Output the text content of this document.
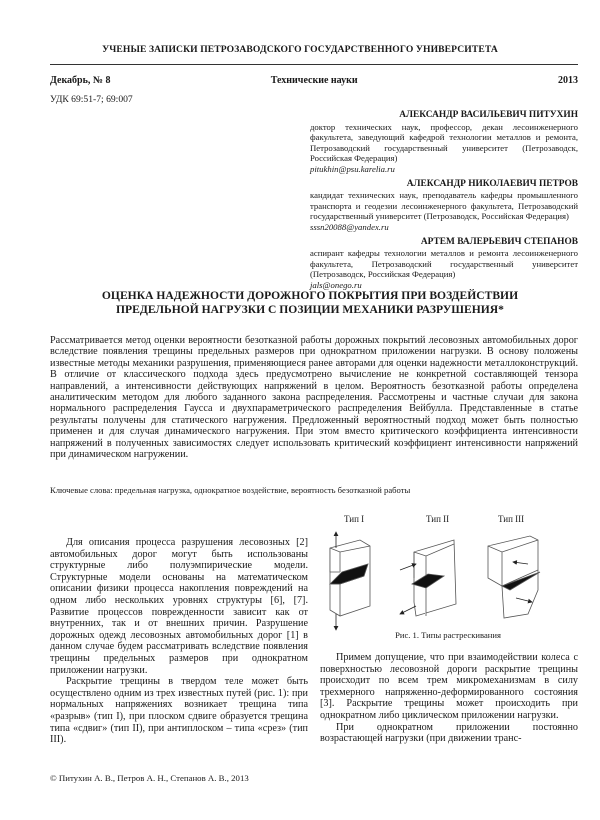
УЧЕНЫЕ ЗАПИСКИ ПЕТРОЗАВОДСКОГО ГОСУДАРСТВЕННОГО УНИВЕРСИТЕТА
Декабрь, № 8	Технические науки	2013
УДК 69:51-7; 69:007
АЛЕКСАНДР ВАСИЛЬЕВИЧ ПИТУХИН
доктор технических наук, профессор, декан лесоинженерного факультета, заведующий кафедрой технологии металлов и ремонта, Петрозаводский государственный университет (Петрозаводск, Российская Федерация)
pitukhin@psu.karelia.ru
АЛЕКСАНДР НИКОЛАЕВИЧ ПЕТРОВ
кандидат технических наук, преподаватель кафедры промышленного транспорта и геодезии лесоинженерного факультета, Петрозаводский государственный университет (Петрозаводск, Российская Федерация)
sssn20088@yandex.ru
АРТЕМ ВАЛЕРЬЕВИЧ СТЕПАНОВ
аспирант кафедры технологии металлов и ремонта лесоинженерного факультета, Петрозаводский государственный университет (Петрозаводск, Российская Федерация)
jals@onego.ru
ОЦЕНКА НАДЕЖНОСТИ ДОРОЖНОГО ПОКРЫТИЯ ПРИ ВОЗДЕЙСТВИИ
ПРЕДЕЛЬНОЙ НАГРУЗКИ С ПОЗИЦИИ МЕХАНИКИ РАЗРУШЕНИЯ*
Рассматривается метод оценки вероятности безотказной работы дорожных покрытий лесовозных автомобильных дорог вследствие появления трещины предельных размеров при однократном приложении нагрузки. В основу положены известные методы механики разрушения, применяющиеся ранее авторами для оценки надежности металлоконструкций. В отличие от классического подхода здесь предусмотрено вычисление не конкретной составляющей тензора направлений, а интенсивности действующих напряжений в целом. Вероятность безотказной работы определена аналитическим методом для любого заданного закона распределения. Рассмотрены и частные случаи для закона нормального распределения Гаусса и двухпараметрического распределения Вейбулла. Представленные в статье результаты получены для статического нагружения. Предложенный вероятностный подход может быть полностью применен и для случая динамического нагружения. При этом вместо критического коэффициента интенсивности напряжений в полученных зависимостях следует использовать критический коэффициент интенсивности напряжений при динамическом нагружении.
Ключевые слова: предельная нагрузка, однократное воздействие, вероятность безотказной работы

Для описания процесса разрушения лесовозных [2] автомобильных дорог могут быть использованы структурные либо полуэмпирические модели. Структурные модели основаны на математическом описании физики процесса накопления повреждений на одном либо нескольких уровнях структуры [6], [7]. Развитие процессов поврежденности зависит как от внутренних, так и от внешних причин. Разрушение дорожных одежд лесовозных автомобильных дорог [1] в данном случае будем рассматривать вследствие появления трещины предельных размеров при однократном приложении нагрузки.

Раскрытие трещины в твердом теле может быть осуществлено одним из трех известных путей (рис. 1): при нормальных напряжениях возникает трещина типа «разрыв» (тип I), при плоском сдвиге образуется трещина типа «сдвиг» (тип II), при антиплоском – типа «срез» (тип III).

Тип I	Тип II	Тип III
Рис. 1. Типы растрескивания

Примем допущение, что при взаимодействии колеса с поверхностью лесовозной дороги раскрытие трещины происходит по всем трем микромеханизмам в силу трехмерного напряженно-деформированного состояния [3]. Раскрытие трещины может происходить при однократном либо циклическом приложении нагрузки.

При однократном приложении постоянно возрастающей нагрузки (при движении транс-

© Питухин А. В., Петров А. Н., Степанов А. В., 2013
